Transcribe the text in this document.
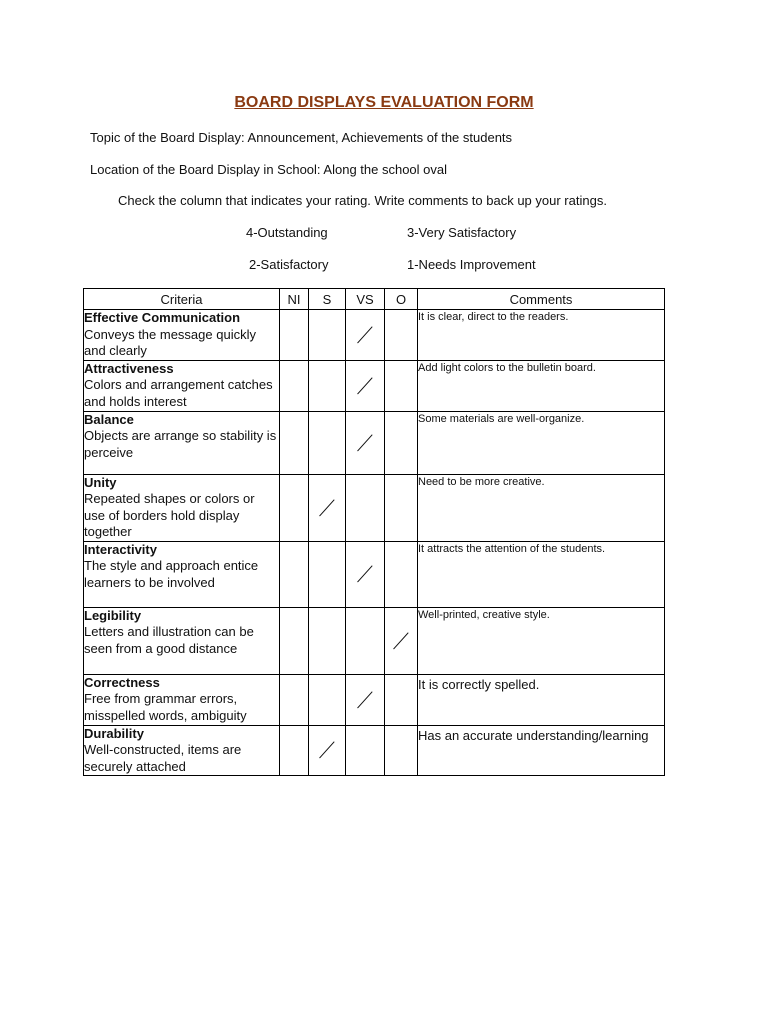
BOARD DISPLAYS EVALUATION FORM
Topic of the Board Display: Announcement, Achievements of the students
Location of the Board Display in School: Along the school oval
Check the column that indicates your rating. Write comments to back up your ratings.
4-Outstanding	3-Very Satisfactory
2-Satisfactory	1-Needs Improvement
Criteria	NI	S	VS	O	Comments

Effective Communication
Conveys the message quickly and clearly					It is clear, direct to the readers.

Attractiveness
Colors and arrangement catches and holds interest					Add light colors to the bulletin board.

Balance
Objects are arrange so stability is perceive					Some materials are well-organize.

Unity
Repeated shapes or colors or use of borders hold display together					Need to be more creative.

Interactivity
The style and approach entice learners to be involved					It attracts the attention of the students.

Legibility
Letters and illustration can be seen from a good distance					Well-printed, creative style.

Correctness
Free from grammar errors, misspelled words, ambiguity					It is correctly spelled.

Durability
Well-constructed, items are securely attached					Has an accurate understanding/learning
